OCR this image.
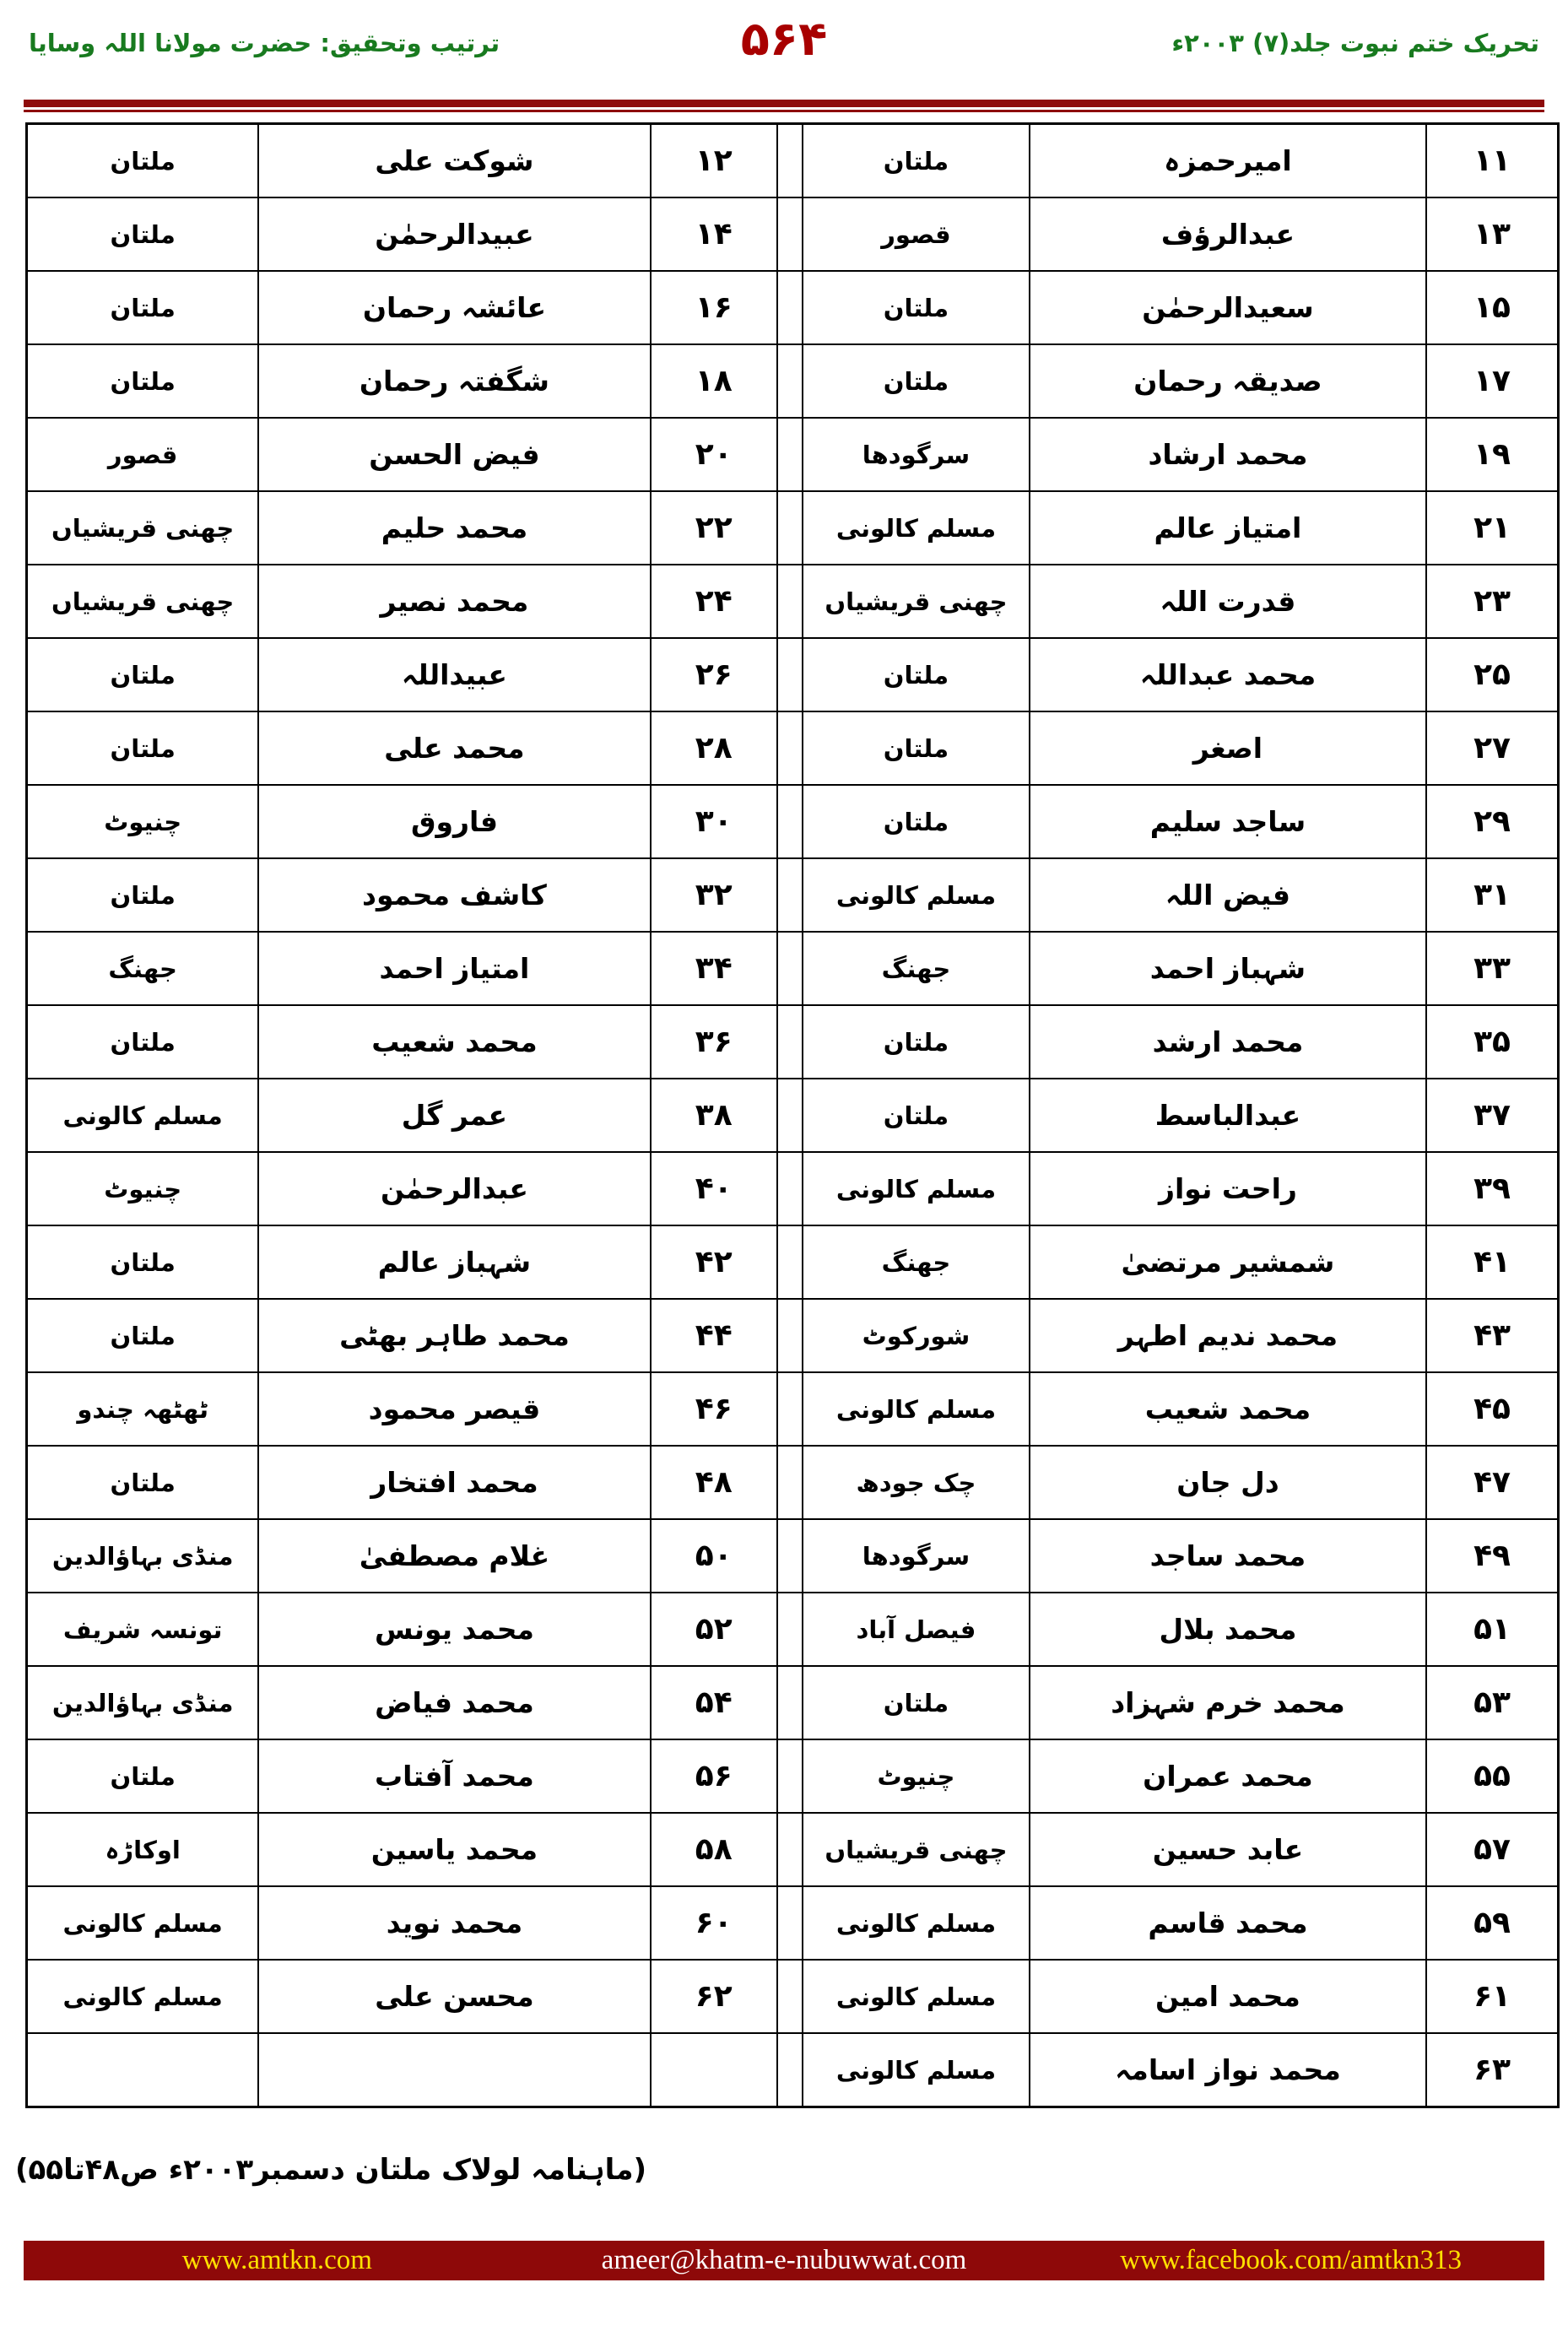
ترتیب وتحقیق: حضرت مولانا اللہ وسایا	۵۶۴	تحریک ختم نبوت جلد(۷) ۲۰۰۳ء
۱۱	امیرحمزہ	ملتان		۱۲	شوکت علی	ملتان
۱۳	عبدالرؤف	قصور		۱۴	عبیدالرحمٰن	ملتان
۱۵	سعیدالرحمٰن	ملتان		۱۶	عائشہ رحمان	ملتان
۱۷	صدیقہ رحمان	ملتان		۱۸	شگفتہ رحمان	ملتان
۱۹	محمد ارشاد	سرگودھا		۲۰	فیض الحسن	قصور
۲۱	امتیاز عالم	مسلم کالونی		۲۲	محمد حلیم	چھنی قریشیاں
۲۳	قدرت اللہ	چھنی قریشیاں		۲۴	محمد نصیر	چھنی قریشیاں
۲۵	محمد عبداللہ	ملتان		۲۶	عبیداللہ	ملتان
۲۷	اصغر	ملتان		۲۸	محمد علی	ملتان
۲۹	ساجد سلیم	ملتان		۳۰	فاروق	چنیوٹ
۳۱	فیض اللہ	مسلم کالونی		۳۲	کاشف محمود	ملتان
۳۳	شہباز احمد	جھنگ		۳۴	امتیاز احمد	جھنگ
۳۵	محمد ارشد	ملتان		۳۶	محمد شعیب	ملتان
۳۷	عبدالباسط	ملتان		۳۸	عمر گل	مسلم کالونی
۳۹	راحت نواز	مسلم کالونی		۴۰	عبدالرحمٰن	چنیوٹ
۴۱	شمشیر مرتضیٰ	جھنگ		۴۲	شہباز عالم	ملتان
۴۳	محمد ندیم اطہر	شورکوٹ		۴۴	محمد طاہر بھٹی	ملتان
۴۵	محمد شعیب	مسلم کالونی		۴۶	قیصر محمود	ٹھٹھہ چندو
۴۷	دل جان	چک جودھ		۴۸	محمد افتخار	ملتان
۴۹	محمد ساجد	سرگودھا		۵۰	غلام مصطفیٰ	منڈی بہاؤالدین
۵۱	محمد بلال	فیصل آباد		۵۲	محمد یونس	تونسہ شریف
۵۳	محمد خرم شہزاد	ملتان		۵۴	محمد فیاض	منڈی بہاؤالدین
۵۵	محمد عمران	چنیوٹ		۵۶	محمد آفتاب	ملتان
۵۷	عابد حسین	چھنی قریشیاں		۵۸	محمد یاسین	اوکاڑہ
۵۹	محمد قاسم	مسلم کالونی		۶۰	محمد نوید	مسلم کالونی
۶۱	محمد امین	مسلم کالونی		۶۲	محسن علی	مسلم کالونی
۶۳	محمد نواز اسامہ	مسلم کالونی				
(ماہنامہ لولاک ملتان دسمبر۲۰۰۳ء ص۴۸تا۵۵)
www.amtkn.com	ameer@khatm-e-nubuwwat.com	www.facebook.com/amtkn313
